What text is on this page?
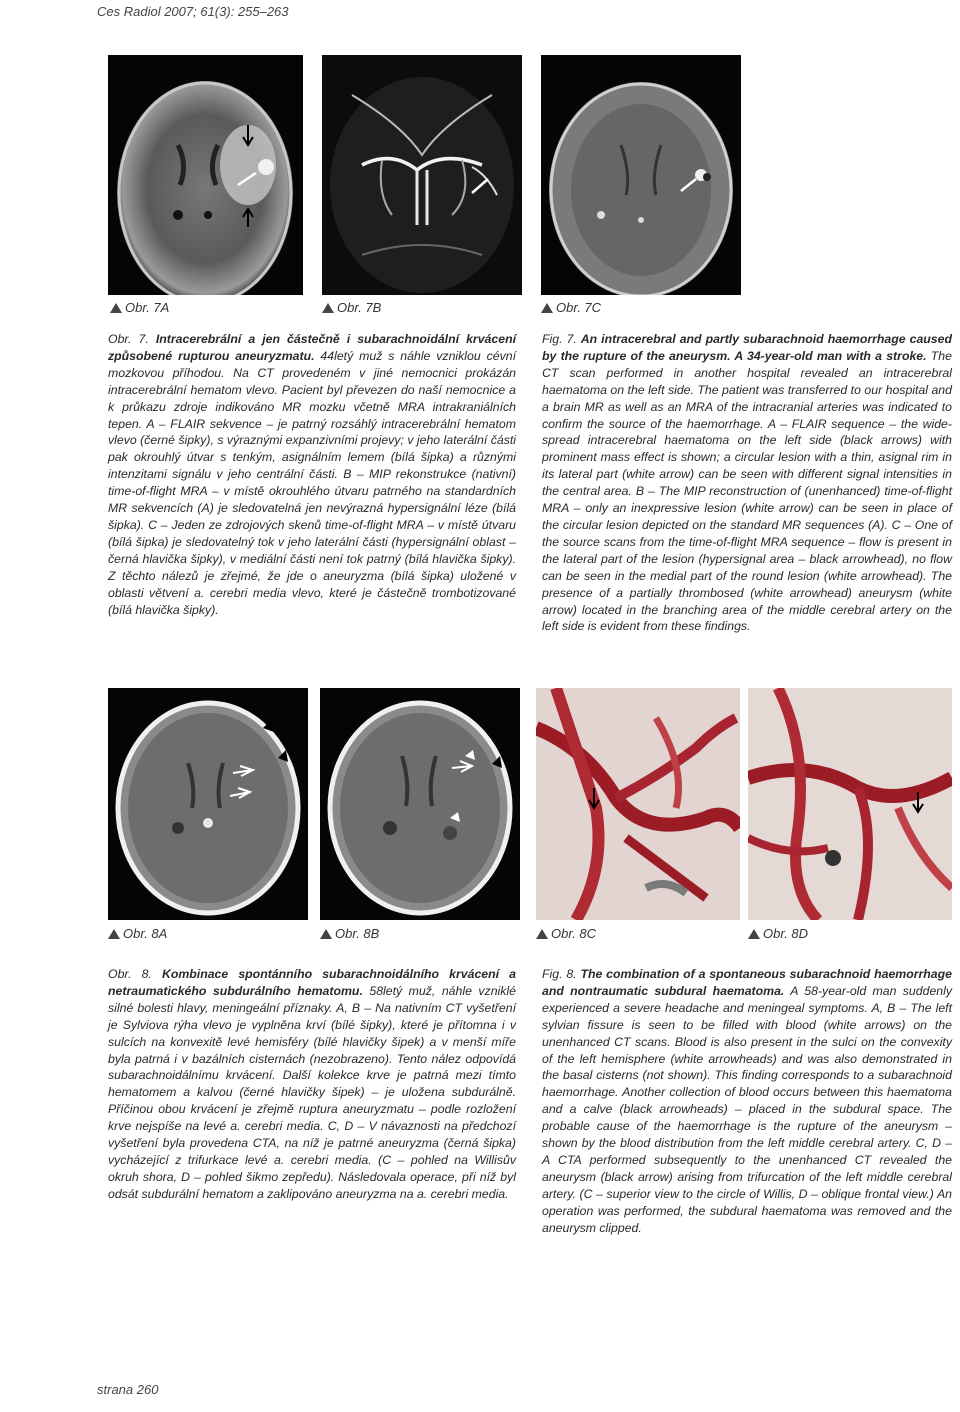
Ces Radiol 2007; 61(3): 255–263
Obr. 7A	Obr. 7B	Obr. 7C

Obr. 7. Intracerebrální a jen částečně i subarachnoidální krvácení způsobené rupturou aneuryzmatu. 44letý muž s náhle vzniklou cévní mozkovou příhodou. Na CT provedeném v jiné nemocnici prokázán intracerebrální hematom vlevo. Pacient byl převezen do naší nemocnice a k průkazu zdroje indikováno MR mozku včetně MRA intrakraniálních tepen. A – FLAIR sekvence – je patrný rozsáhlý intracerebrální hematom vlevo (černé šipky), s výraznými expanzivními projevy; v jeho laterální části pak okrouhlý útvar s tenkým, asignálním lemem (bílá šipka) a různými intenzitami signálu v jeho centrální části. B – MIP rekonstrukce (nativní) time-of-flight MRA – v místě okrouhlého útvaru patrného na standardních MR sekvencích (A) je sledovatelná jen nevýrazná hypersignální léze (bílá šipka). C – Jeden ze zdrojových skenů time-of-flight MRA – v místě útvaru (bílá šipka) je sledovatelný tok v jeho laterální části (hypersignální oblast – černá hlavička šipky), v mediální části není tok patrný (bílá hlavička šipky). Z těchto nálezů je zřejmé, že jde o aneuryzma (bílá šipka) uložené v oblasti větvení a. cerebri media vlevo, které je částečně trombotizované (bílá hlavička šipky).

Fig. 7. An intracerebral and partly subarachnoid haemorrhage caused by the rupture of the aneurysm. A 34-year-old man with a stroke. The CT scan performed in another hospital revealed an intracerebral haematoma on the left side. The patient was transferred to our hospital and a brain MR as well as an MRA of the intracranial arteries was indicated to confirm the source of the haemorrhage. A – FLAIR sequence – the wide-spread intracerebral haematoma on the left side (black arrows) with prominent mass effect is shown; a circular lesion with a thin, asignal rim in its lateral part (white arrow) can be seen with different signal intensities in the central area. B – The MIP reconstruction of (unenhanced) time-of-flight MRA – only an inexpressive lesion (white arrow) can be seen in place of the circular lesion depicted on the standard MR sequences (A). C – One of the source scans from the time-of-flight MRA sequence – flow is present in the lateral part of the lesion (hypersignal area – black arrowhead), no flow can be seen in the medial part of the round lesion (white arrowhead). The presence of a partially thrombosed (white arrowhead) aneurysm (white arrow) located in the branching area of the middle cerebral artery on the left side is evident from these findings.

Obr. 8A	Obr. 8B	Obr. 8C	Obr. 8D

Obr. 8. Kombinace spontánního subarachnoidálního krvácení a netraumatického subdurálního hematomu. 58letý muž, náhle vzniklé silné bolesti hlavy, meningeální příznaky. A, B – Na nativním CT vyšetření je Sylviova rýha vlevo je vyplněna krví (bílé šipky), které je přítomna i v sulcích na konvexitě levé hemisféry (bílé hlavičky šipek) a v menší míře byla patrná i v bazálních cisternách (nezobrazeno). Tento nález odpovídá subarachnoidálnímu krvácení. Další kolekce krve je patrná mezi tímto hematomem a kalvou (černé hlavičky šipek) – je uložena subdurálně. Příčinou obou krvácení je zřejmě ruptura aneuryzmatu – podle rozložení krve nejspíše na levé a. cerebri media. C, D – V návaznosti na předchozí vyšetření byla provedena CTA, na níž je patrné aneuryzma (černá šipka) vycházející z trifurkace levé a. cerebri media. (C – pohled na Willisův okruh shora, D – pohled šikmo zepředu). Následovala operace, při níž byl odsát subdurální hematom a zaklipováno aneuryzma na a. cerebri media.

Fig. 8. The combination of a spontaneous subarachnoid haemorrhage and nontraumatic subdural haematoma. A 58-year-old man suddenly experienced a severe headache and meningeal symptoms. A, B – The left sylvian fissure is seen to be filled with blood (white arrows) on the unenhanced CT scans. Blood is also present in the sulci on the convexity of the left hemisphere (white arrowheads) and was also demonstrated in the basal cisterns (not shown). This finding corresponds to a subarachnoid haemorrhage. Another collection of blood occurs between this haematoma and a calve (black arrowheads) – placed in the subdural space. The probable cause of the haemorrhage is the rupture of the aneurysm – shown by the blood distribution from the left middle cerebral artery. C, D – A CTA performed subsequently to the unenhanced CT revealed the aneurysm (black arrow) arising from trifurcation of the left middle cerebral artery. (C – superior view to the circle of Willis, D – oblique frontal view.) An operation was performed, the subdural haematoma was removed and the aneurysm clipped.

strana 260
